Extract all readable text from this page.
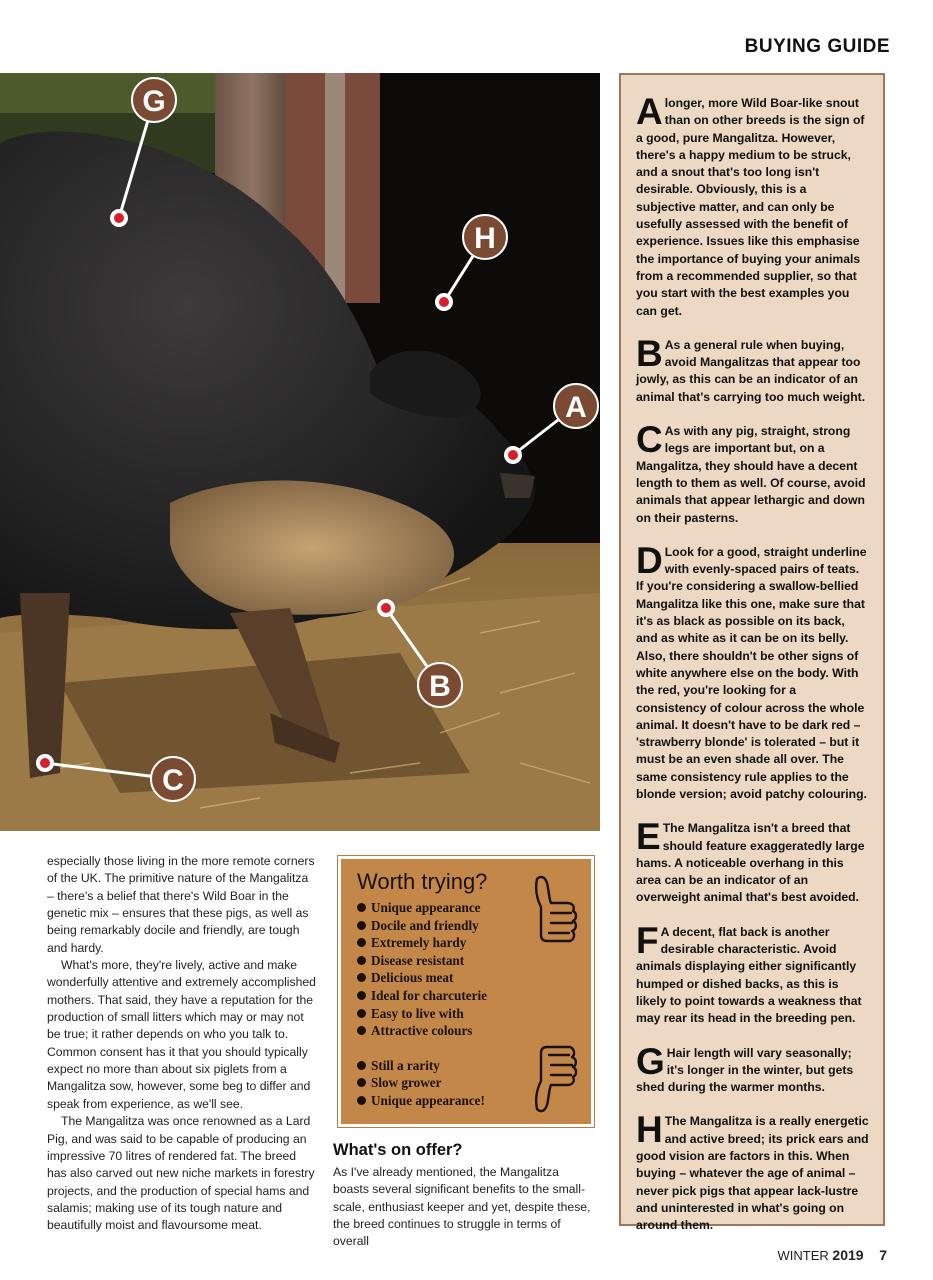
BUYING GUIDE
G
H
A
B
C

A longer, more Wild Boar-like snout than on other breeds is the sign of a good, pure Mangalitza. However, there's a happy medium to be struck, and a snout that's too long isn't desirable. Obviously, this is a subjective matter, and can only be usefully assessed with the benefit of experience. Issues like this emphasise the importance of buying your animals from a recommended supplier, so that you start with the best examples you can get.

B As a general rule when buying, avoid Mangalitzas that appear too jowly, as this can be an indicator of an animal that's carrying too much weight.

C As with any pig, straight, strong legs are important but, on a Mangalitza, they should have a decent length to them as well. Of course, avoid animals that appear lethargic and down on their pasterns.

D Look for a good, straight underline with evenly-spaced pairs of teats. If you're considering a swallow-bellied Mangalitza like this one, make sure that it's as black as possible on its back, and as white as it can be on its belly. Also, there shouldn't be other signs of white anywhere else on the body. With the red, you're looking for a consistency of colour across the whole animal. It doesn't have to be dark red – 'strawberry blonde' is tolerated – but it must be an even shade all over. The same consistency rule applies to the blonde version; avoid patchy colouring.

E The Mangalitza isn't a breed that should feature exaggeratedly large hams. A noticeable overhang in this area can be an indicator of an overweight animal that's best avoided.

F A decent, flat back is another desirable characteristic. Avoid animals displaying either significantly humped or dished backs, as this is likely to point towards a weakness that may rear its head in the breeding pen.

G Hair length will vary seasonally; it's longer in the winter, but gets shed during the warmer months.

H The Mangalitza is a really energetic and active breed; its prick ears and good vision are factors in this. When buying – whatever the age of animal – never pick pigs that appear lack-lustre and uninterested in what's going on around them.

especially those living in the more remote corners of the UK. The primitive nature of the Mangalitza – there's a belief that there's Wild Boar in the genetic mix – ensures that these pigs, as well as being remarkably docile and friendly, are tough and hardy.

What's more, they're lively, active and make wonderfully attentive and extremely accomplished mothers. That said, they have a reputation for the production of small litters which may or may not be true; it rather depends on who you talk to. Common consent has it that you should typically expect no more than about six piglets from a Mangalitza sow, however, some beg to differ and speak from experience, as we'll see.

The Mangalitza was once renowned as a Lard Pig, and was said to be capable of producing an impressive 70 litres of rendered fat. The breed has also carved out new niche markets in forestry projects, and the production of special hams and salamis; making use of its tough nature and beautifully moist and flavoursome meat.

Worth trying?
Unique appearance
Docile and friendly
Extremely hardy
Disease resistant
Delicious meat
Ideal for charcuterie
Easy to live with
Attractive colours
Still a rarity
Slow grower
Unique appearance!
What's on offer?

As I've already mentioned, the Mangalitza boasts several significant benefits to the small-scale, enthusiast keeper and yet, despite these, the breed continues to struggle in terms of overall

WINTER 2019 7
